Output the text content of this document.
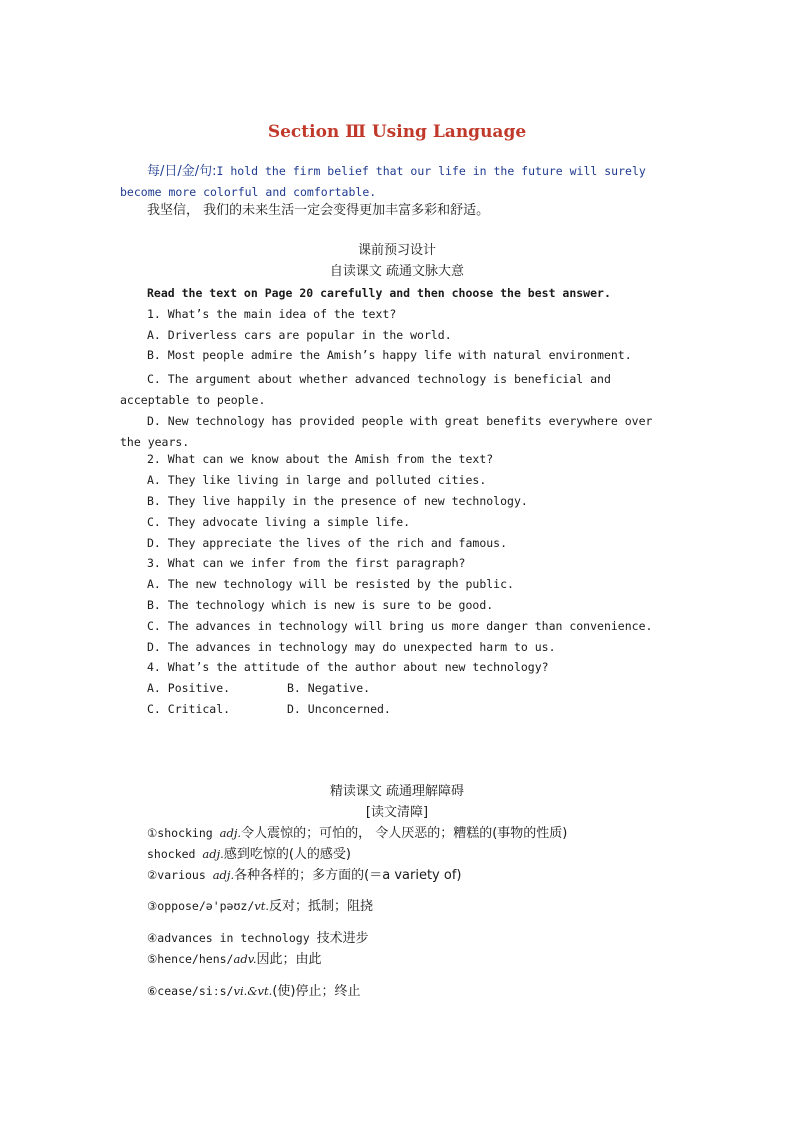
Section Ⅲ Using Language
每/日/金/句:I hold the firm belief that our life in the future will surely become more colorful and comfortable.
我坚信， 我们的未来生活一定会变得更加丰富多彩和舒适。
课前预习设计
自读课文 疏通文脉大意
Read the text on Page 20 carefully and then choose the best answer.
1. What’s the main idea of the text?
A. Driverless cars are popular in the world.
B. Most people admire the Amish’s happy life with natural environment.
C. The argument about whether advanced technology is beneficial and acceptable to people.
D. New technology has provided people with great benefits everywhere over the years.
2. What can we know about the Amish from the text?
A. They like living in large and polluted cities.
B. They live happily in the presence of new technology.
C. They advocate living a simple life.
D. They appreciate the lives of the rich and famous.
3. What can we infer from the first paragraph?
A. The new technology will be resisted by the public.
B. The technology which is new is sure to be good.
C. The advances in technology will bring us more danger than convenience.
D. The advances in technology may do unexpected harm to us.
4. What’s the attitude of the author about new technology?
A. Positive.	B. Negative.
C. Critical.	D. Unconcerned.
精读课文 疏通理解障碍
[读文清障]
①shocking adj.令人震惊的；可怕的， 令人厌恶的；糟糕的(事物的性质)
shocked adj.感到吃惊的(人的感受)
②various adj.各种各样的；多方面的(＝a variety of)
③oppose/ə'pəʊz/vt.反对；抵制；阻挠
④advances in technology 技术进步
⑤hence/hens/adv.因此；由此
⑥cease/siːs/vi.&vt.(使)停止；终止
